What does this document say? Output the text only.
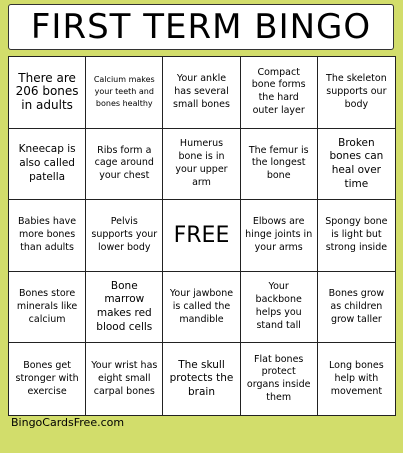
FIRST TERM BINGO
There are 206 bones in adults
Calcium makes your teeth and bones healthy
Your ankle has several small bones
Compact bone forms the hard outer layer
The skeleton supports our body
Kneecap is also called patella
Ribs form a cage around your chest
Humerus bone is in your upper arm
The femur is the longest bone
Broken bones can heal over time
Babies have more bones than adults
Pelvis supports your lower body	FREE
Elbows are hinge joints in your arms
Spongy bone is light but strong inside
Bones store minerals like calcium
Bone marrow makes red blood cells
Your jawbone is called the mandible
Your backbone helps you stand tall
Bones grow as children grow taller
Bones get stronger with exercise
Your wrist has eight small carpal bones
The skull protects the brain
Flat bones protect organs inside them
Long bones help with movement
BingoCardsFree.com
